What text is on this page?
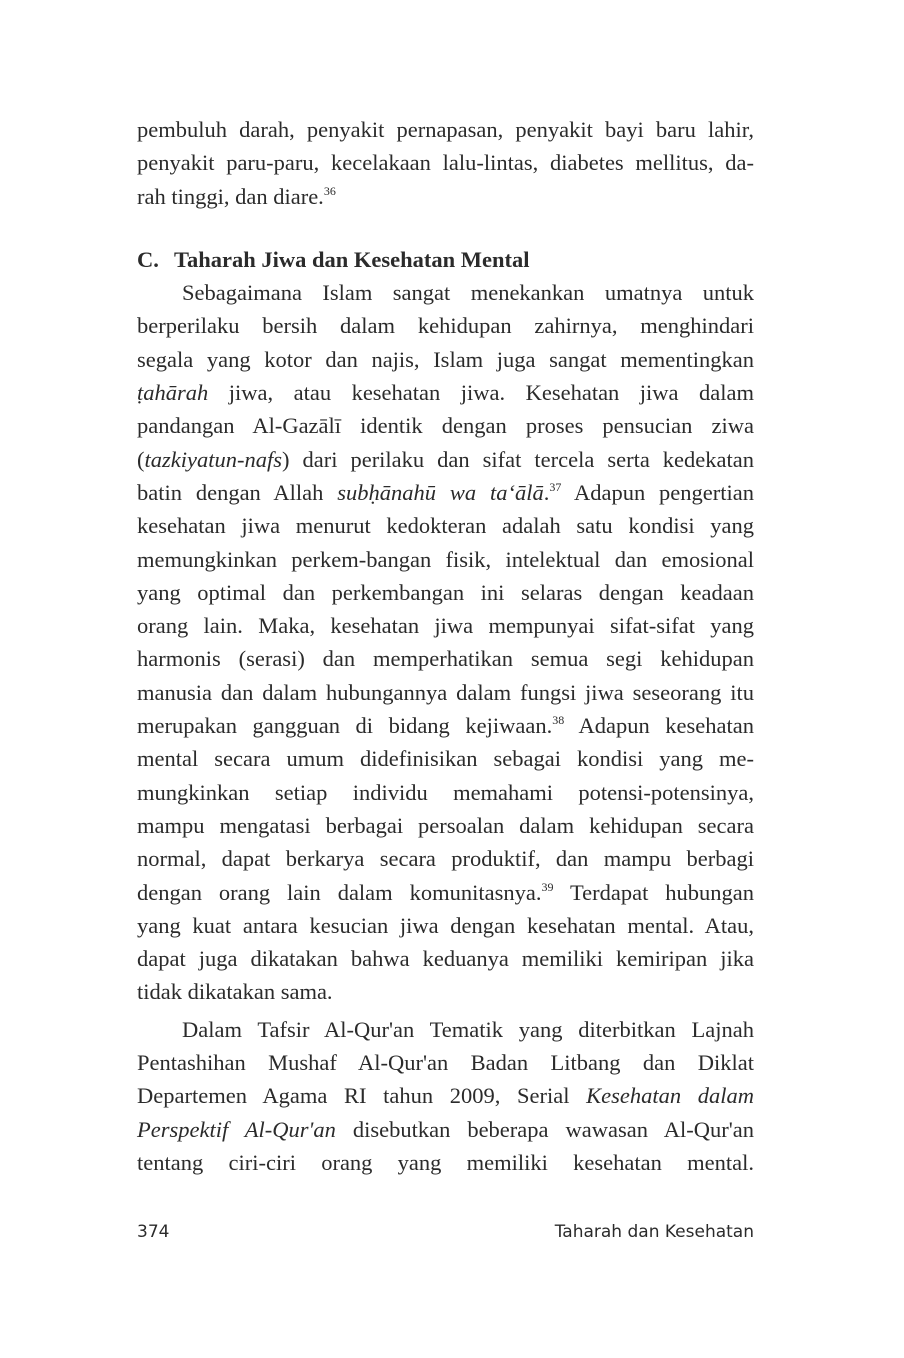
pembuluh darah, penyakit pernapasan, penyakit bayi baru lahir,

penyakit paru-paru, kecelakaan lalu-lintas, diabetes mellitus, da-

rah tinggi, dan diare.$^{36}$

C. Taharah Jiwa dan Kesehatan Mental

Sebagaimana Islam sangat menekankan umatnya untuk

berperilaku bersih dalam kehidupan zahirnya, menghindari

segala yang kotor dan najis, Islam juga sangat mementingkan

ṭahārah jiwa, atau kesehatan jiwa. Kesehatan jiwa dalam

pandangan Al-Gazālī identik dengan proses pensucian ziwa

(tazkiyatun-nafs) dari perilaku dan sifat tercela serta kedekatan

batin dengan Allah subḥānahū wa ta‘ālā.$^{37}$ Adapun pengertian

kesehatan jiwa menurut kedokteran adalah satu kondisi yang

memungkinkan perkem-bangan fisik, intelektual dan emosional

yang optimal dan perkembangan ini selaras dengan keadaan

orang lain. Maka, kesehatan jiwa mempunyai sifat-sifat yang

harmonis (serasi) dan memperhatikan semua segi kehidupan

manusia dan dalam hubungannya dalam fungsi jiwa seseorang itu

merupakan gangguan di bidang kejiwaan.$^{38}$ Adapun kesehatan

mental secara umum didefinisikan sebagai kondisi yang me-

mungkinkan setiap individu memahami potensi-potensinya,

mampu mengatasi berbagai persoalan dalam kehidupan secara

normal, dapat berkarya secara produktif, dan mampu berbagi

dengan orang lain dalam komunitasnya.$^{39}$ Terdapat hubungan

yang kuat antara kesucian jiwa dengan kesehatan mental. Atau,

dapat juga dikatakan bahwa keduanya memiliki kemiripan jika

tidak dikatakan sama.

Dalam Tafsir Al-Qur'an Tematik yang diterbitkan Lajnah

Pentashihan Mushaf Al-Qur'an Badan Litbang dan Diklat

Departemen Agama RI tahun 2009, Serial Kesehatan dalam

Perspektif Al-Qur'an disebutkan beberapa wawasan Al-Qur'an

tentang ciri-ciri orang yang memiliki kesehatan mental.

374	Taharah dan Kesehatan
